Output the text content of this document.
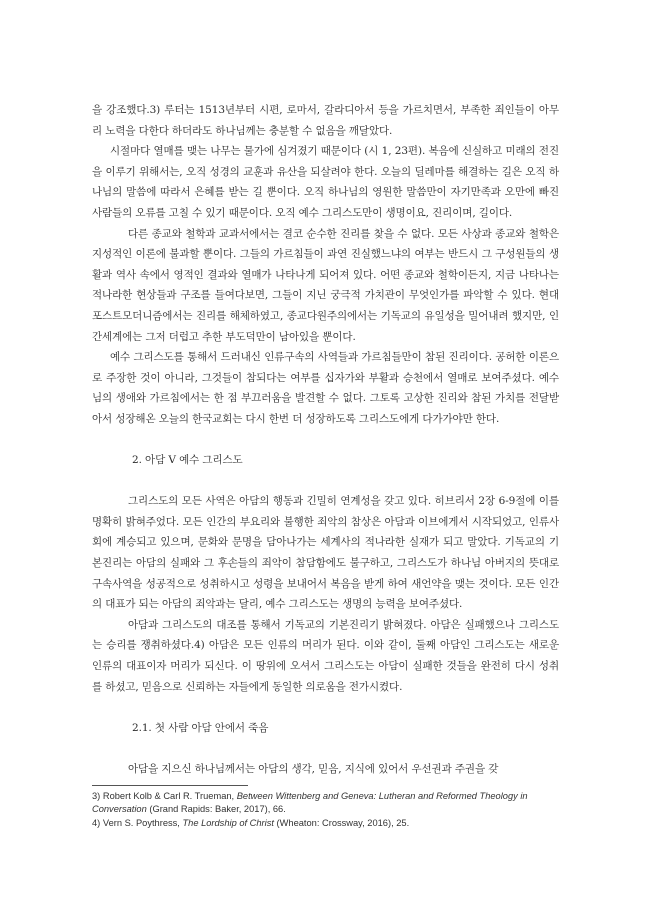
을 강조했다.3) 루터는 1513년부터 시편, 로마서, 갈라디아서 등을 가르치면서, 부족한 죄인들이 아무리 노력을 다한다 하더라도 하나님께는 충분할 수 없음을 깨달았다.

시절마다 열매를 맺는 나무는 물가에 심겨졌기 때문이다 (시 1, 23편). 복음에 신실하고 미래의 전진을 이루기 위해서는, 오직 성경의 교훈과 유산을 되살려야 한다. 오늘의 딜레마를 해결하는 길은 오직 하나님의 말씀에 따라서 은혜를 받는 길 뿐이다. 오직 하나님의 영원한 말씀만이 자기만족과 오만에 빠진 사람들의 오류를 고칠 수 있기 때문이다. 오직 예수 그리스도만이 생명이요, 진리이며, 길이다.

다른 종교와 철학과 교과서에서는 결코 순수한 진리를 찾을 수 없다. 모든 사상과 종교와 철학은 지성적인 이론에 불과할 뿐이다. 그들의 가르침들이 과연 진실했느냐의 여부는 반드시 그 구성원들의 생활과 역사 속에서 영적인 결과와 열매가 나타나게 되어져 있다. 어떤 종교와 철학이든지, 지금 나타나는 적나라한 현상들과 구조를 들여다보면, 그들이 지닌 궁극적 가치관이 무엇인가를 파악할 수 있다. 현대 포스트모더니즘에서는 진리를 해체하였고, 종교다원주의에서는 기독교의 유일성을 밀어내려 했지만, 인간세계에는 그저 더럽고 추한 부도덕만이 남아있을 뿐이다.

예수 그리스도를 통해서 드러내신 인류구속의 사역들과 가르침들만이 참된 진리이다. 공허한 이론으로 주장한 것이 아니라, 그것들이 참되다는 여부를 십자가와 부활과 승천에서 열매로 보여주셨다. 예수님의 생애와 가르침에서는 한 점 부끄러움을 발견할 수 없다. 그토록 고상한 진리와 참된 가치를 전달받아서 성장해온 오늘의 한국교회는 다시 한번 더 성장하도록 그리스도에게 다가가야만 한다.

2. 아담 V 예수 그리스도

그리스도의 모든 사역은 아담의 행동과 긴밀히 연계성을 갖고 있다. 히브리서 2장 6-9절에 이를 명확히 밝혀주었다. 모든 인간의 부요리와 불행한 죄악의 참상은 아담과 이브에게서 시작되었고, 인류사회에 계승되고 있으며, 문화와 문명을 담아나가는 세계사의 적나라한 실재가 되고 말았다. 기독교의 기본진리는 아담의 실패와 그 후손들의 죄악이 참담함에도 불구하고, 그리스도가 하나님 아버지의 뜻대로 구속사역을 성공적으로 성취하시고 성령을 보내어서 복음을 받게 하여 새언약을 맺는 것이다. 모든 인간의 대표가 되는 아담의 죄악과는 달리, 예수 그리스도는 생명의 능력을 보여주셨다.

아담과 그리스도의 대조를 통해서 기독교의 기본진리기 밝혀졌다. 아담은 실패했으나 그리스도는 승리를 쟁취하셨다.4) 아담은 모든 인류의 머리가 된다. 이와 같이, 둘째 아담인 그리스도는 새로운 인류의 대표이자 머리가 되신다. 이 땅위에 오셔서 그리스도는 아담이 실패한 것들을 완전히 다시 성취를 하셨고, 믿음으로 신뢰하는 자들에게 동일한 의로움을 전가시켰다.

2.1. 첫 사람 아담 안에서 죽음

아담을 지으신 하나님께서는 아담의 생각, 믿음, 지식에 있어서 우선권과 주권을 갖

3) Robert Kolb & Carl R. Trueman, Between Wittenberg and Geneva: Lutheran and Reformed Theology in Conversation (Grand Rapids: Baker, 2017), 66.
4) Vern S. Poythress, The Lordship of Christ (Wheaton: Crossway, 2016), 25.
